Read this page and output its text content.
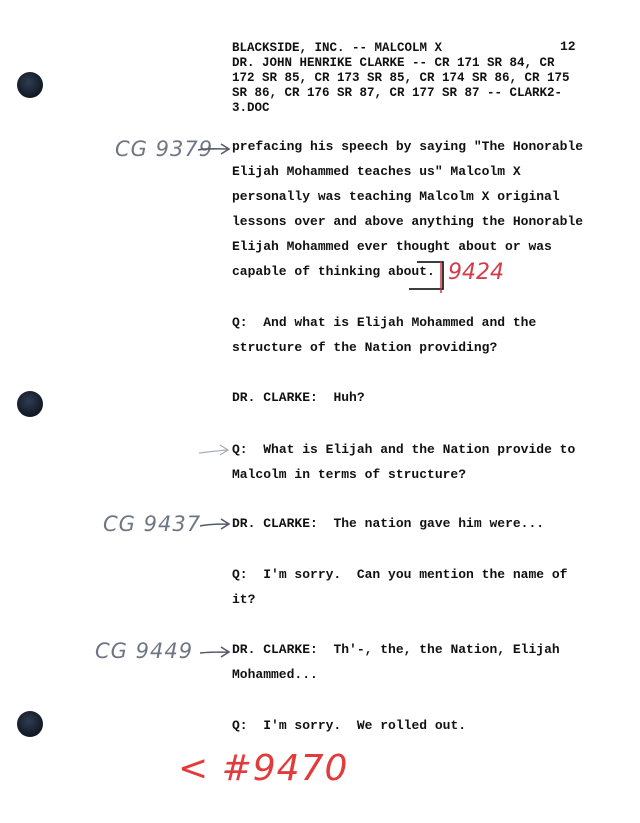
BLACKSIDE, INC. -- MALCOLM X
DR. JOHN HENRIKE CLARKE -- CR 171 SR 84, CR
172 SR 85, CR 173 SR 85, CR 174 SR 86, CR 175
SR 86, CR 176 SR 87, CR 177 SR 87 -- CLARK2-
3.DOC
12
prefacing his speech by saying "The Honorable
Elijah Mohammed teaches us" Malcolm X
personally was teaching Malcolm X original
lessons over and above anything the Honorable
Elijah Mohammed ever thought about or was
capable of thinking about.
Q: And what is Elijah Mohammed and the
structure of the Nation providing?
DR. CLARKE: Huh?
Q: What is Elijah and the Nation provide to
Malcolm in terms of structure?
DR. CLARKE: The nation gave him were...
Q: I'm sorry.  Can you mention the name of
it?
DR. CLARKE: Th'-, the, the Nation, Elijah
Mohammed...
Q: I'm sorry.  We rolled out.
CG 9379
9424
CG 9437
CG 9449
< #9470
